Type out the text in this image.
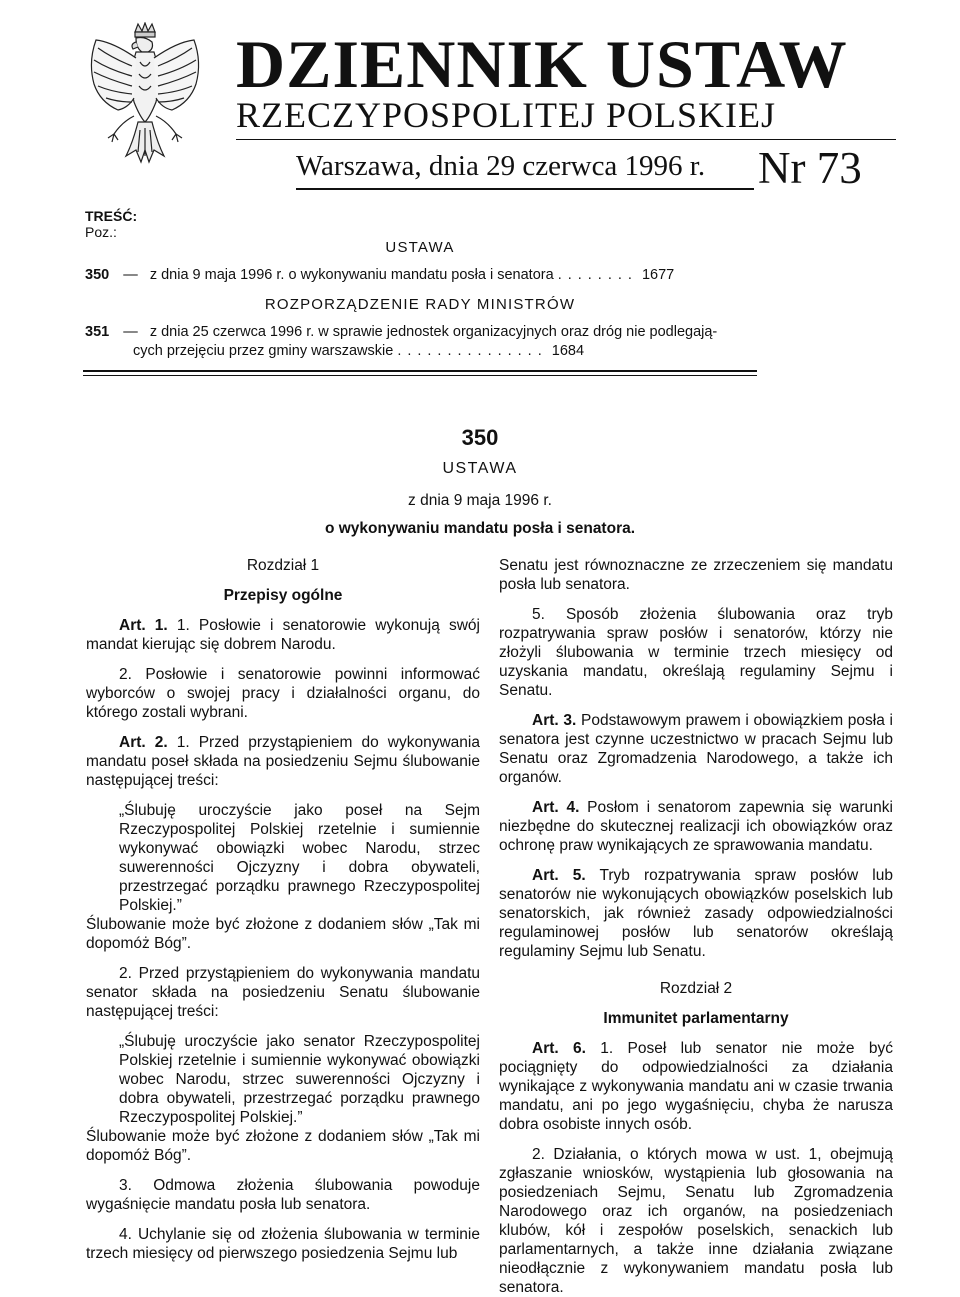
DZIENNIK USTAW
RZECZYPOSPOLITEJ POLSKIEJ
Warszawa, dnia 29 czerwca 1996 r. Nr 73
TREŚĆ:
Poz.:
USTAWA
350 — z dnia 9 maja 1996 r. o wykonywaniu mandatu posła i senatora ........ 1677
ROZPORZĄDZENIE RADY MINISTRÓW
351 — z dnia 25 czerwca 1996 r. w sprawie jednostek organizacyjnych oraz dróg nie podlegają-
cych przejęciu przez gminy warszawskie ............... 1684
350
USTAWA
z dnia 9 maja 1996 r.
o wykonywaniu mandatu posła i senatora.
Rozdział 1
Przepisy ogólne

Art. 1. 1. Posłowie i senatorowie wykonują swój mandat kierując się dobrem Narodu.

2. Posłowie i senatorowie powinni informować wyborców o swojej pracy i działalności organu, do którego zostali wybrani.

Art. 2. 1. Przed przystąpieniem do wykonywania mandatu poseł składa na posiedzeniu Sejmu ślubowanie następującej treści:

„Ślubuję uroczyście jako poseł na Sejm Rzeczypospolitej Polskiej rzetelnie i sumiennie wykonywać obowiązki wobec Narodu, strzec suwerenności Ojczyzny i dobra obywateli, przestrzegać porządku prawnego Rzeczypospolitej Polskiej.”

Ślubowanie może być złożone z dodaniem słów „Tak mi dopomóż Bóg”.

2. Przed przystąpieniem do wykonywania mandatu senator składa na posiedzeniu Senatu ślubowanie następującej treści:

„Ślubuję uroczyście jako senator Rzeczypospolitej Polskiej rzetelnie i sumiennie wykonywać obowiązki wobec Narodu, strzec suwerenności Ojczyzny i dobra obywateli, przestrzegać porządku prawnego Rzeczypospolitej Polskiej.”

Ślubowanie może być złożone z dodaniem słów „Tak mi dopomóż Bóg”.

3. Odmowa złożenia ślubowania powoduje wygaśnięcie mandatu posła lub senatora.

4. Uchylanie się od złożenia ślubowania w terminie trzech miesięcy od pierwszego posiedzenia Sejmu lub

Senatu jest równoznaczne ze zrzeczeniem się mandatu posła lub senatora.

5. Sposób złożenia ślubowania oraz tryb rozpatrywania spraw posłów i senatorów, którzy nie złożyli ślubowania w terminie trzech miesięcy od uzyskania mandatu, określają regulaminy Sejmu i Senatu.

Art. 3. Podstawowym prawem i obowiązkiem posła i senatora jest czynne uczestnictwo w pracach Sejmu lub Senatu oraz Zgromadzenia Narodowego, a także ich organów.

Art. 4. Posłom i senatorom zapewnia się warunki niezbędne do skutecznej realizacji ich obowiązków oraz ochronę praw wynikających ze sprawowania mandatu.

Art. 5. Tryb rozpatrywania spraw posłów lub senatorów nie wykonujących obowiązków poselskich lub senatorskich, jak również zasady odpowiedzialności regulaminowej posłów lub senatorów określają regulaminy Sejmu lub Senatu.

Rozdział 2
Immunitet parlamentarny

Art. 6. 1. Poseł lub senator nie może być pociągnięty do odpowiedzialności za działania wynikające z wykonywania mandatu ani w czasie trwania mandatu, ani po jego wygaśnięciu, chyba że narusza dobra osobiste innych osób.

2. Działania, o których mowa w ust. 1, obejmują zgłaszanie wniosków, wystąpienia lub głosowania na posiedzeniach Sejmu, Senatu lub Zgromadzenia Narodowego oraz ich organów, na posiedzeniach klubów, kół i zespołów poselskich, senackich lub parlamentarnych, a także inne działania związane nieodłącznie z wykonywaniem mandatu posła lub senatora.
